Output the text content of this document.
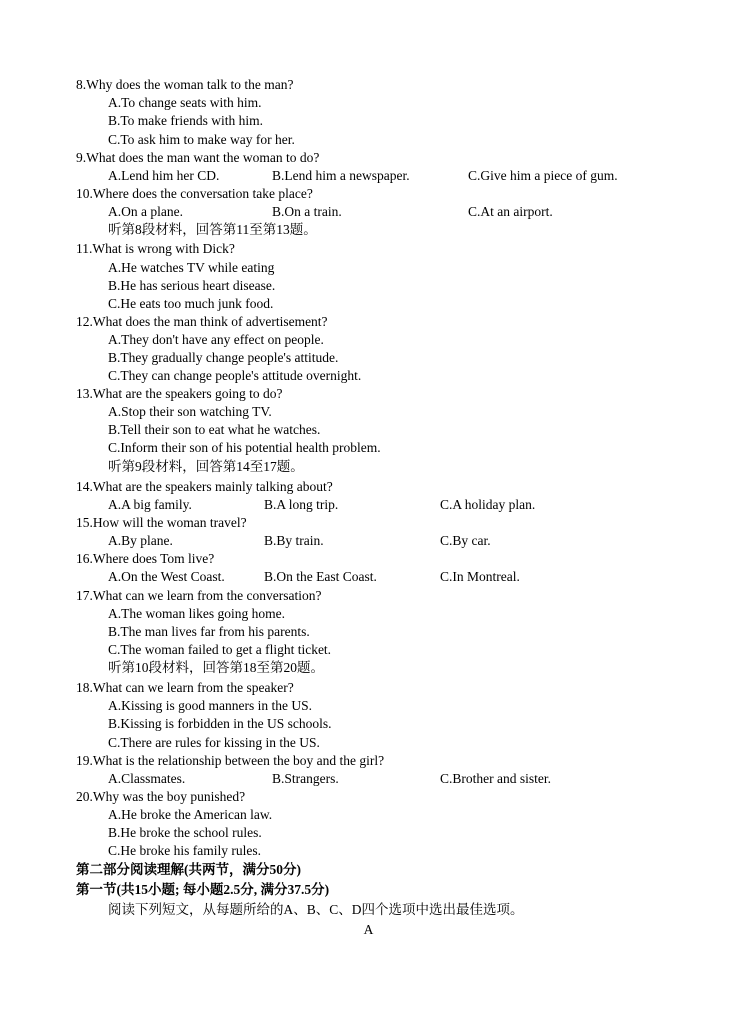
8.Why does the woman talk to the man?
A.To change seats with him.
B.To make friends with him.
C.To ask him to make way for her.
9.What does the man want the woman to do?
A.Lend him her CD.	B.Lend him a newspaper.	C.Give him a piece of gum.
10.Where does the conversation take place?
A.On a plane.	B.On a train.	C.At an airport.
听第8段材料，回答第11至第13题。
11.What is wrong with Dick?
A.He watches TV while eating
B.He has serious heart disease.
C.He eats too much junk food.
12.What does the man think of advertisement?
A.They don't have any effect on people.
B.They gradually change people's attitude.
C.They can change people's attitude overnight.
13.What are the speakers going to do?
A.Stop their son watching TV.
B.Tell their son to eat what he watches.
C.Inform their son of his potential health problem.
听第9段材料，回答第14至17题。
14.What are the speakers mainly talking about?
A.A big family.	B.A long trip.	C.A holiday plan.
15.How will the woman travel?
A.By plane.	B.By train.	C.By car.
16.Where does Tom live?
A.On the West Coast.	B.On the East Coast.	C.In Montreal.
17.What can we learn from the conversation?
A.The woman likes going home.
B.The man lives far from his parents.
C.The woman failed to get a flight ticket.
听第10段材料，回答第18至第20题。
18.What can we learn from the speaker?
A.Kissing is good manners in the US.
B.Kissing is forbidden in the US schools.
C.There are rules for kissing in the US.
19.What is the relationship between the boy and the girl?
A.Classmates.	B.Strangers.	C.Brother and sister.
20.Why was the boy punished?
A.He broke the American law.
B.He broke the school rules.
C.He broke his family rules.
第二部分阅读理解(共两节，满分50分)
第一节(共15小题; 每小题2.5分, 满分37.5分)
阅读下列短文，从每题所给的A、B、C、D四个选项中选出最佳选项。
A
